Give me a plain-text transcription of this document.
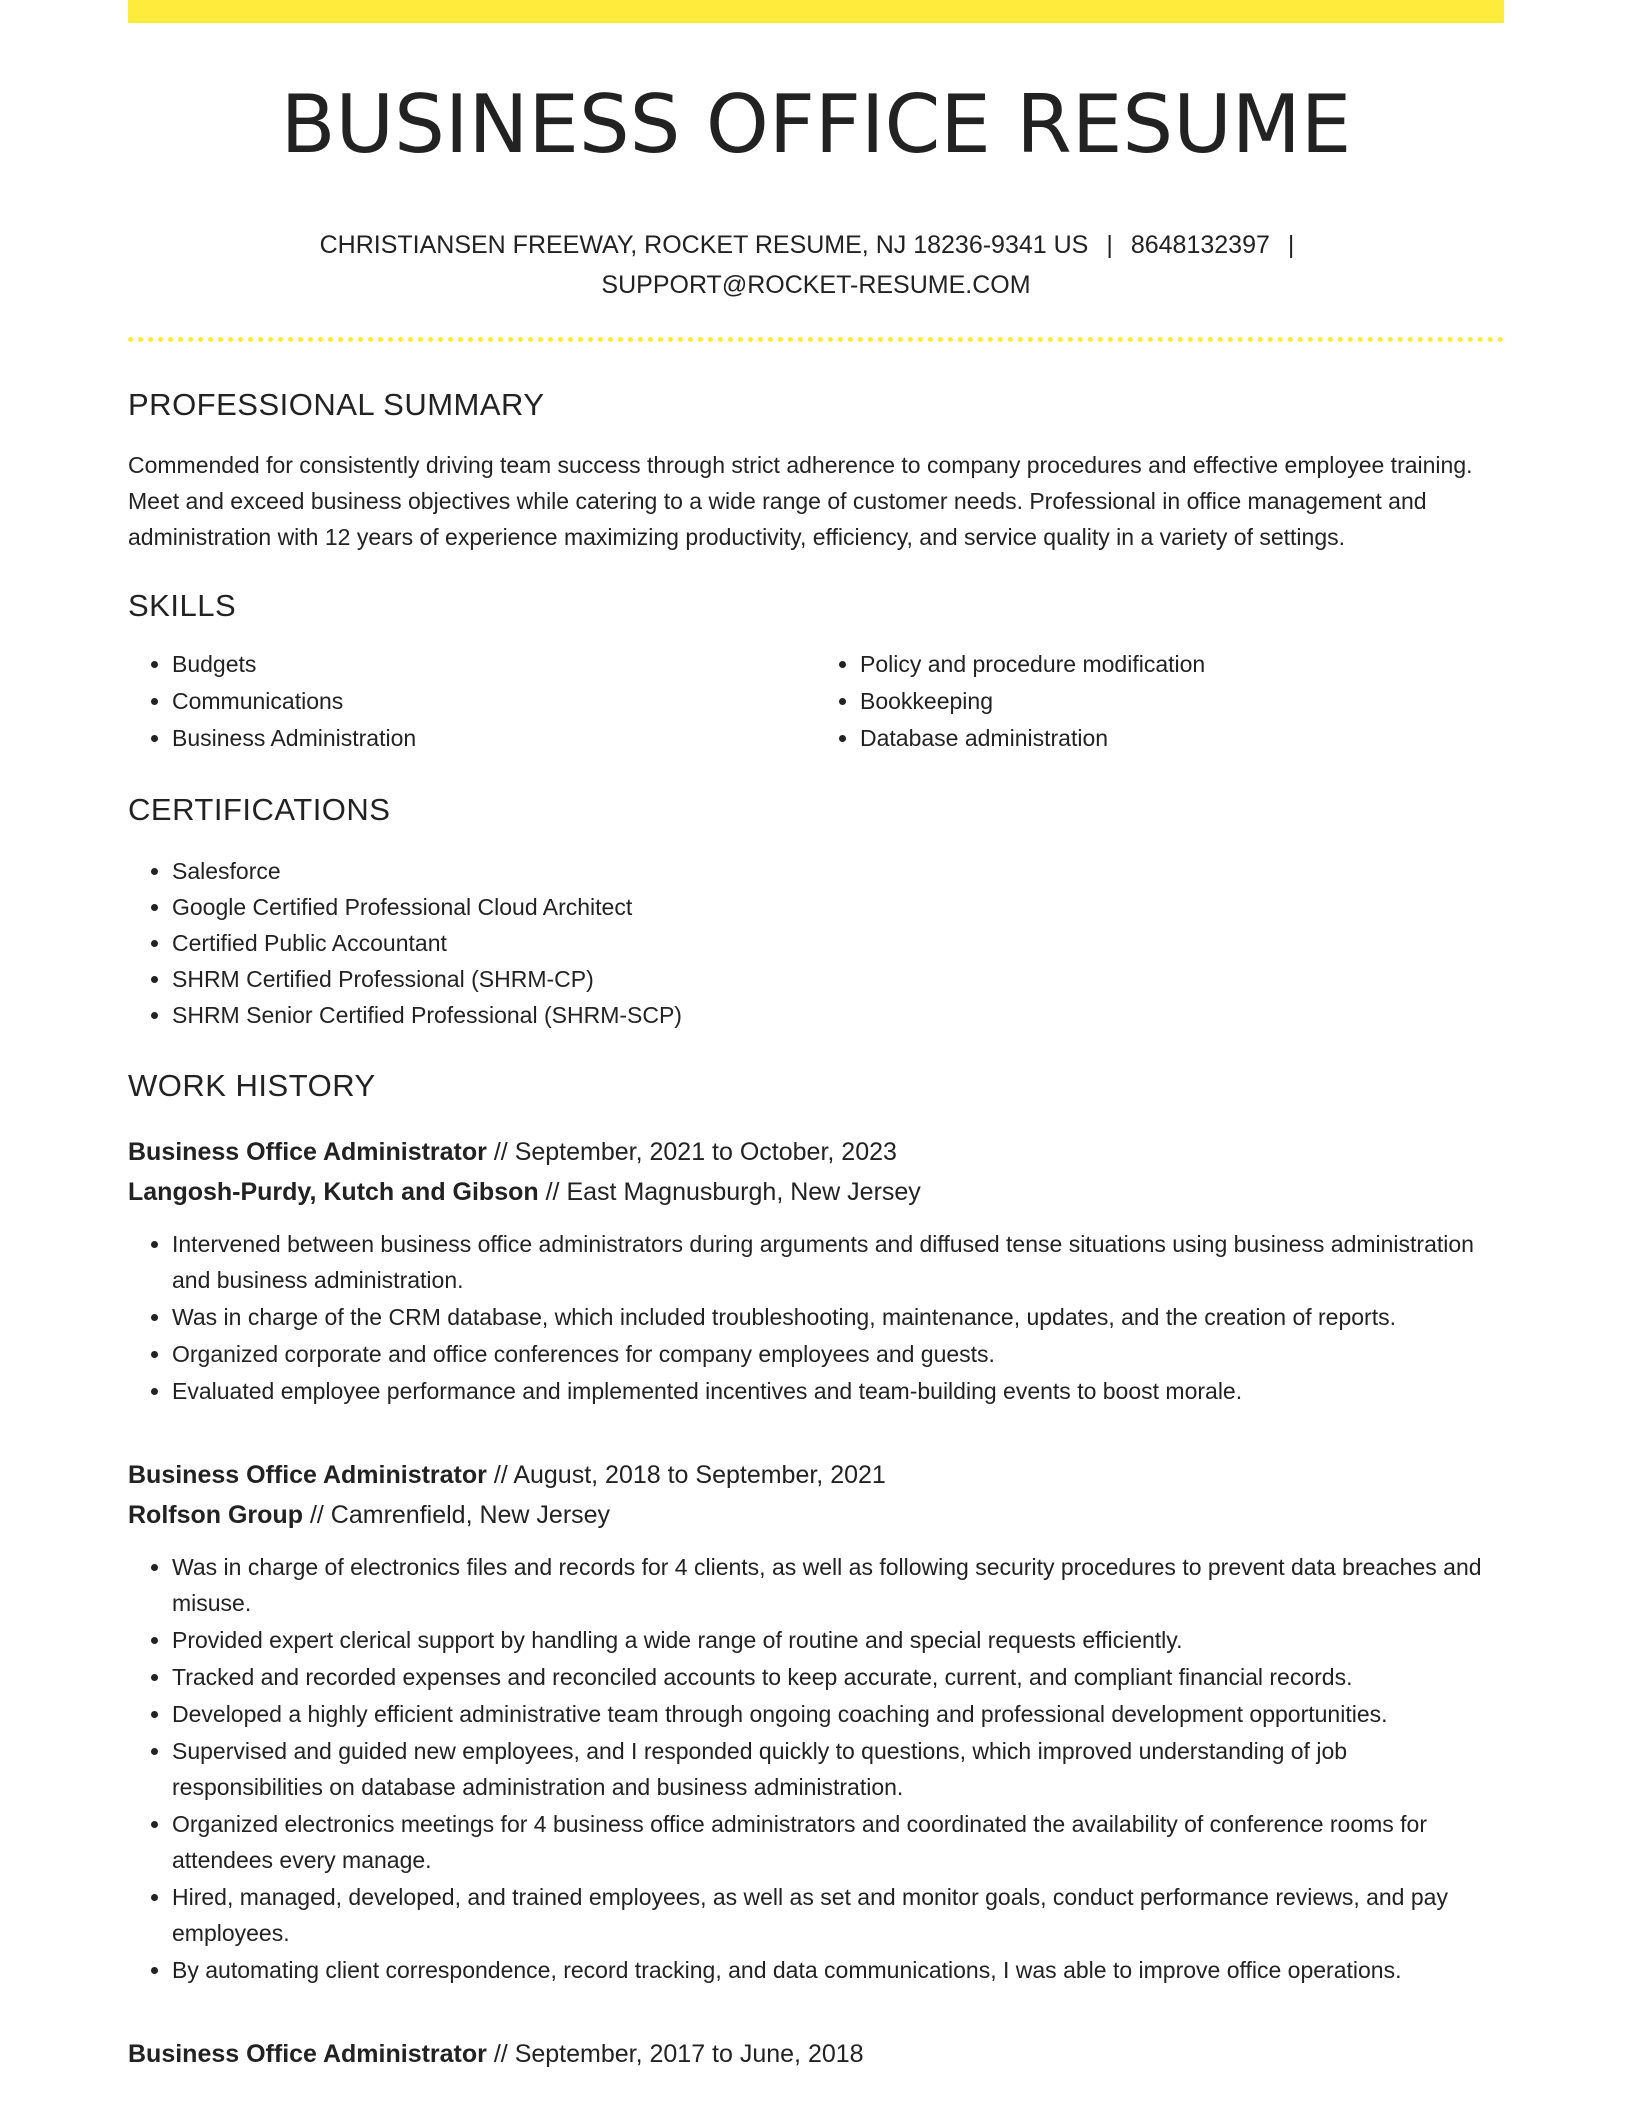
BUSINESS OFFICE RESUME
CHRISTIANSEN FREEWAY, ROCKET RESUME, NJ 18236-9341 US | 8648132397 |
SUPPORT@ROCKET-RESUME.COM
PROFESSIONAL SUMMARY

Commended for consistently driving team success through strict adherence to company procedures and effective employee training. Meet and exceed business objectives while catering to a wide range of customer needs. Professional in office management and administration with 12 years of experience maximizing productivity, efficiency, and service quality in a variety of settings.

SKILLS
• Budgets
• Communications
• Business Administration
• Policy and procedure modification
• Bookkeeping
• Database administration
CERTIFICATIONS
• Salesforce
• Google Certified Professional Cloud Architect
• Certified Public Accountant
• SHRM Certified Professional (SHRM-CP)
• SHRM Senior Certified Professional (SHRM-SCP)
WORK HISTORY
Business Office Administrator // September, 2021 to October, 2023
Langosh-Purdy, Kutch and Gibson // East Magnusburgh, New Jersey
• Intervened between business office administrators during arguments and diffused tense situations using business administration and business administration.
• Was in charge of the CRM database, which included troubleshooting, maintenance, updates, and the creation of reports.
• Organized corporate and office conferences for company employees and guests.
• Evaluated employee performance and implemented incentives and team-building events to boost morale.
Business Office Administrator // August, 2018 to September, 2021
Rolfson Group // Camrenfield, New Jersey
• Was in charge of electronics files and records for 4 clients, as well as following security procedures to prevent data breaches and misuse.
• Provided expert clerical support by handling a wide range of routine and special requests efficiently.
• Tracked and recorded expenses and reconciled accounts to keep accurate, current, and compliant financial records.
• Developed a highly efficient administrative team through ongoing coaching and professional development opportunities.
• Supervised and guided new employees, and I responded quickly to questions, which improved understanding of job responsibilities on database administration and business administration.
• Organized electronics meetings for 4 business office administrators and coordinated the availability of conference rooms for attendees every manage.
• Hired, managed, developed, and trained employees, as well as set and monitor goals, conduct performance reviews, and pay employees.
• By automating client correspondence, record tracking, and data communications, I was able to improve office operations.
Business Office Administrator // September, 2017 to June, 2018
